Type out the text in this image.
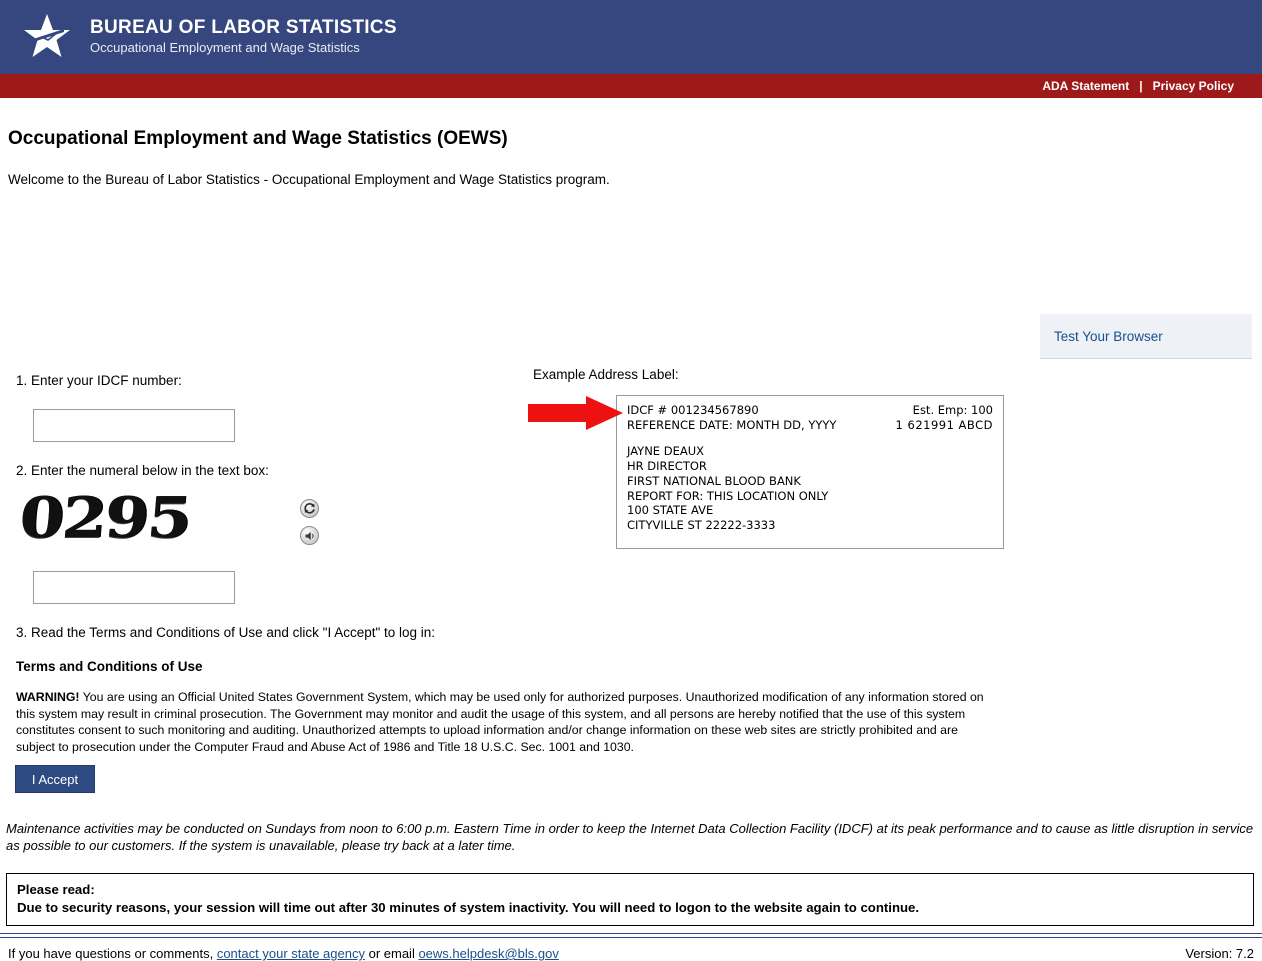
BUREAU OF LABOR STATISTICS
Occupational Employment and Wage Statistics
ADA Statement | Privacy Policy
Occupational Employment and Wage Statistics (OEWS)

Welcome to the Bureau of Labor Statistics - Occupational Employment and Wage Statistics program.

Test Your Browser
1. Enter your IDCF number:
2. Enter the numeral below in the text box:
0295
3. Read the Terms and Conditions of Use and click "I Accept" to log in:
Terms and Conditions of Use
WARNING! You are using an Official United States Government System, which may be used only for authorized purposes. Unauthorized modification of any information stored on this system may result in criminal prosecution. The Government may monitor and audit the usage of this system, and all persons are hereby notified that the use of this system constitutes consent to such monitoring and auditing. Unauthorized attempts to upload information and/or change information on these web sites are strictly prohibited and are subject to prosecution under the Computer Fraud and Abuse Act of 1986 and Title 18 U.S.C. Sec. 1001 and 1030.
I Accept
Example Address Label:
IDCF # 001234567890	Est. Emp: 100
REFERENCE DATE: MONTH DD, YYYY	1 621991 ABCD
JAYNE DEAUX
HR DIRECTOR
FIRST NATIONAL BLOOD BANK
REPORT FOR: THIS LOCATION ONLY
100 STATE AVE
CITYVILLE ST 22222-3333
Maintenance activities may be conducted on Sundays from noon to 6:00 p.m. Eastern Time in order to keep the Internet Data Collection Facility (IDCF) at its peak performance and to cause as little disruption in service as possible to our customers. If the system is unavailable, please try back at a later time.
Please read:
Due to security reasons, your session will time out after 30 minutes of system inactivity. You will need to logon to the website again to continue.
If you have questions or comments, contact your state agency or email oews.helpdesk@bls.gov	Version: 7.2
